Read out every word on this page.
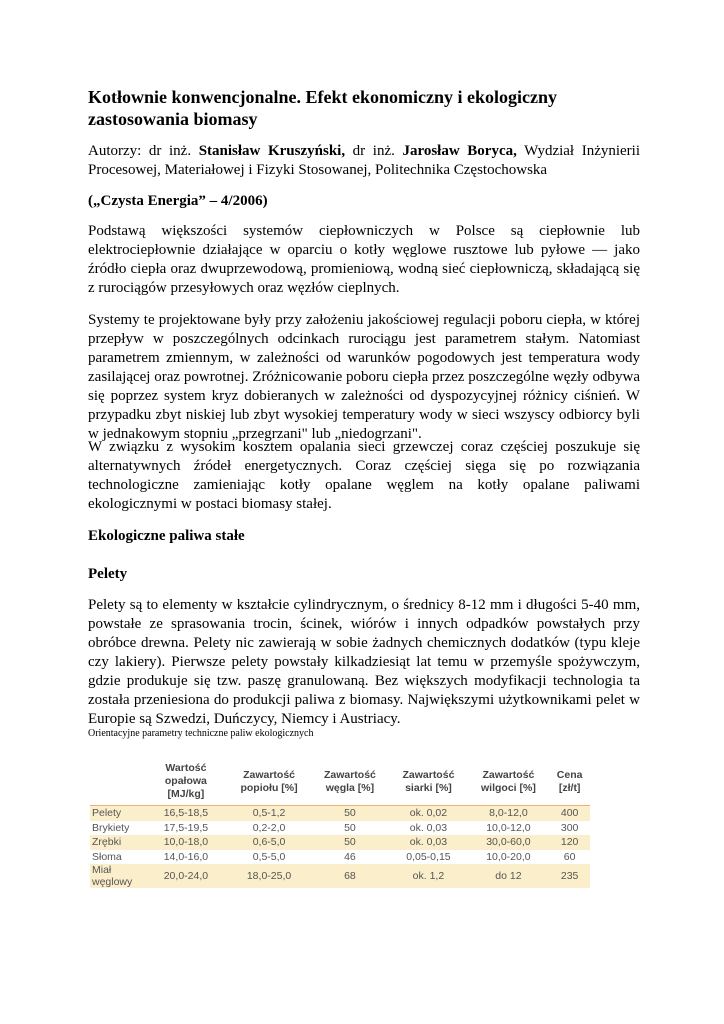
Kotłownie konwencjonalne. Efekt ekonomiczny i ekologiczny zastosowania biomasy

Autorzy: dr inż. Stanisław Kruszyński, dr inż. Jarosław Boryca, Wydział Inżynierii Procesowej, Materiałowej i Fizyki Stosowanej, Politechnika Częstochowska

(„Czysta Energia” – 4/2006)

Podstawą większości systemów ciepłowniczych w Polsce są ciepłownie lub elektrociepłownie działające w oparciu o kotły węglowe rusztowe lub pyłowe — jako źródło ciepła oraz dwuprzewodową, promieniową, wodną sieć ciepłowniczą, składającą się z rurociągów przesyłowych oraz węzłów cieplnych.

Systemy te projektowane były przy założeniu jakościowej regulacji poboru ciepła, w której przepływ w poszczególnych odcinkach rurociągu jest parametrem stałym. Natomiast parametrem zmiennym, w zależności od warunków pogodowych jest temperatura wody zasilającej oraz powrotnej. Zróżnicowanie poboru ciepła przez poszczególne węzły odbywa się poprzez system kryz dobieranych w zależności od dyspozycyjnej różnicy ciśnień. W przypadku zbyt niskiej lub zbyt wysokiej temperatury wody w sieci wszyscy odbiorcy byli w jednakowym stopniu „przegrzani" lub „niedogrzani".

W związku z wysokim kosztem opalania sieci grzewczej coraz częściej poszukuje się alternatywnych źródeł energetycznych. Coraz częściej sięga się po rozwiązania technologiczne zamieniając kotły opalane węglem na kotły opalane paliwami ekologicznymi w postaci biomasy stałej.

Ekologiczne paliwa stałe

Pelety

Pelety są to elementy w kształcie cylindrycznym, o średnicy 8-12 mm i długości 5-40 mm, powstałe ze sprasowania trocin, ścinek, wiórów i innych odpadków powstałych przy obróbce drewna. Pelety nic zawierają w sobie żadnych chemicznych dodatków (typu kleje czy lakiery). Pierwsze pelety powstały kilkadziesiąt lat temu w przemyśle spożywczym, gdzie produkuje się tzw. paszę granulowaną. Bez większych modyfikacji technologia ta została przeniesiona do produkcji paliwa z biomasy. Największymi użytkownikami pelet w Europie są Szwedzi, Duńczycy, Niemcy i Austriacy.

Orientacyjne parametry techniczne paliw ekologicznych
	Wartość opałowa [MJ/kg]	Zawartość popiołu [%]	Zawartość węgla [%]	Zawartość siarki [%]	Zawartość wilgoci [%]	Cena [zł/t]
Pelety	16,5-18,5	0,5-1,2	50	ok. 0,02	8,0-12,0	400
Brykiety	17,5-19,5	0,2-2,0	50	ok. 0,03	10,0-12,0	300
Zrębki	10,0-18,0	0,6-5,0	50	ok. 0,03	30,0-60,0	120
Słoma	14,0-16,0	0,5-5,0	46	0,05-0,15	10,0-20,0	60
Miał węglowy	20,0-24,0	18,0-25,0	68	ok. 1,2	do 12	235
